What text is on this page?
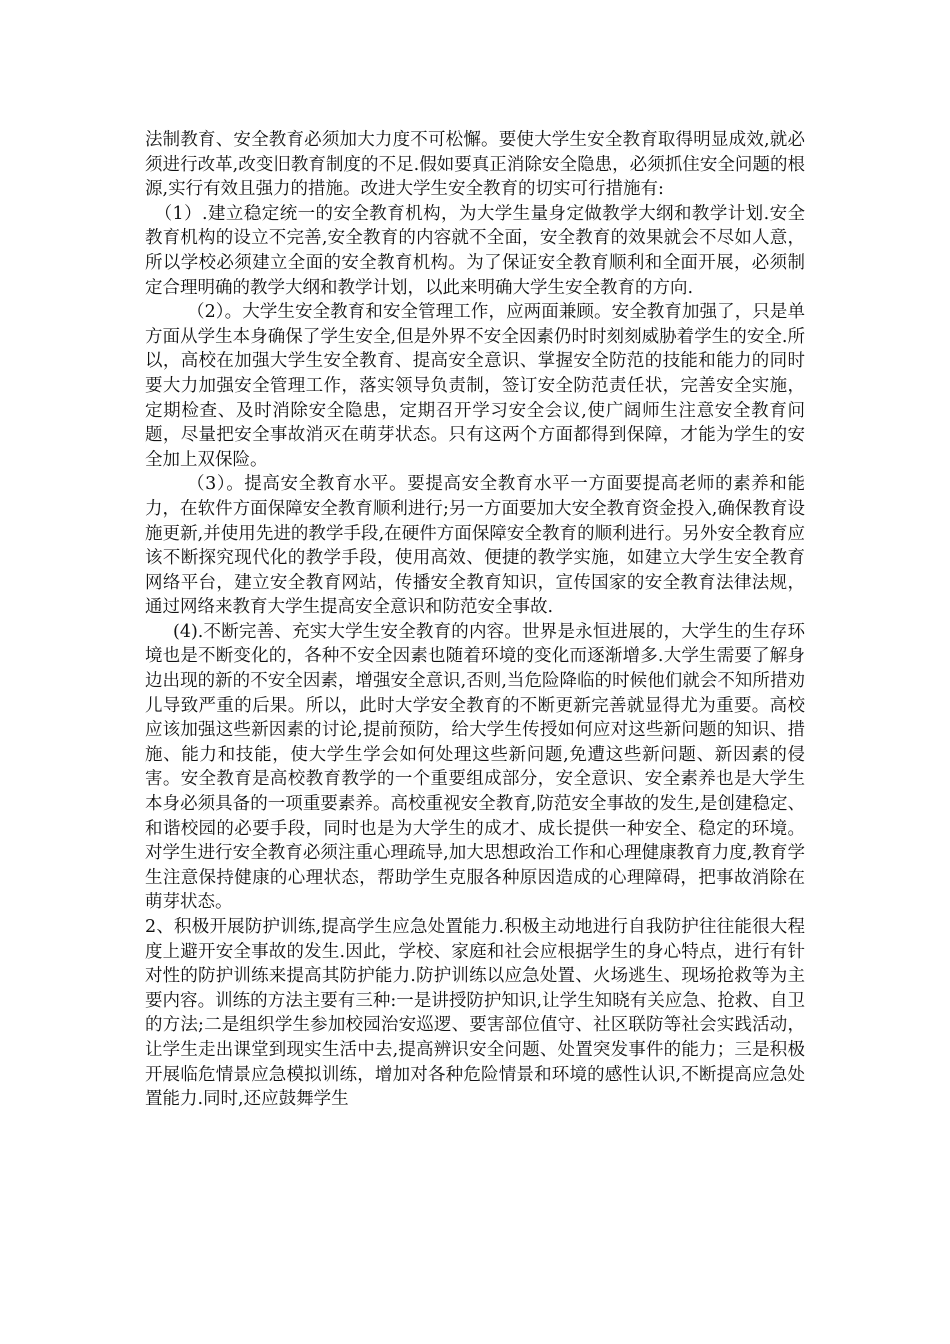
法制教育、安全教育必须加大力度不可松懈。要使大学生安全教育取得明显成效,就必须进行改革,改变旧教育制度的不足.假如要真正消除安全隐患，必须抓住安全问题的根源,实行有效且强力的措施。改进大学生安全教育的切实可行措施有:

（1）.建立稳定统一的安全教育机构，为大学生量身定做教学大纲和教学计划.安全教育机构的设立不完善,安全教育的内容就不全面，安全教育的效果就会不尽如人意，所以学校必须建立全面的安全教育机构。为了保证安全教育顺利和全面开展，必须制定合理明确的教学大纲和教学计划，以此来明确大学生安全教育的方向.

（2）。大学生安全教育和安全管理工作，应两面兼顾。安全教育加强了，只是单方面从学生本身确保了学生安全,但是外界不安全因素仍时时刻刻威胁着学生的安全.所以，高校在加强大学生安全教育、提高安全意识、掌握安全防范的技能和能力的同时要大力加强安全管理工作，落实领导负责制，签订安全防范责任状，完善安全实施，定期检查、及时消除安全隐患，定期召开学习安全会议,使广阔师生注意安全教育问题，尽量把安全事故消灭在萌芽状态。只有这两个方面都得到保障，才能为学生的安全加上双保险。

（3）。提高安全教育水平。要提高安全教育水平一方面要提高老师的素养和能力，在软件方面保障安全教育顺利进行;另一方面要加大安全教育资金投入,确保教育设施更新,并使用先进的教学手段,在硬件方面保障安全教育的顺利进行。另外安全教育应该不断探究现代化的教学手段，使用高效、便捷的教学实施，如建立大学生安全教育网络平台，建立安全教育网站，传播安全教育知识，宣传国家的安全教育法律法规，通过网络来教育大学生提高安全意识和防范安全事故.

(4).不断完善、充实大学生安全教育的内容。世界是永恒进展的，大学生的生存环境也是不断变化的，各种不安全因素也随着环境的变化而逐渐增多.大学生需要了解身边出现的新的不安全因素，增强安全意识,否则,当危险降临的时候他们就会不知所措劝儿导致严重的后果。所以，此时大学安全教育的不断更新完善就显得尤为重要。高校应该加强这些新因素的讨论,提前预防，给大学生传授如何应对这些新问题的知识、措施、能力和技能，使大学生学会如何处理这些新问题,免遭这些新问题、新因素的侵害。安全教育是高校教育教学的一个重要组成部分，安全意识、安全素养也是大学生本身必须具备的一项重要素养。高校重视安全教育,防范安全事故的发生,是创建稳定、和谐校园的必要手段，同时也是为大学生的成才、成长提供一种安全、稳定的环境。对学生进行安全教育必须注重心理疏导,加大思想政治工作和心理健康教育力度,教育学生注意保持健康的心理状态，帮助学生克服各种原因造成的心理障碍，把事故消除在萌芽状态。

2、积极开展防护训练,提高学生应急处置能力.积极主动地进行自我防护往往能很大程度上避开安全事故的发生.因此，学校、家庭和社会应根据学生的身心特点，进行有针对性的防护训练来提高其防护能力.防护训练以应急处置、火场逃生、现场抢救等为主要内容。训练的方法主要有三种:一是讲授防护知识,让学生知晓有关应急、抢救、自卫的方法;二是组织学生参加校园治安巡逻、要害部位值守、社区联防等社会实践活动，让学生走出课堂到现实生活中去,提高辨识安全问题、处置突发事件的能力；三是积极开展临危情景应急模拟训练，增加对各种危险情景和环境的感性认识,不断提高应急处置能力.同时,还应鼓舞学生
